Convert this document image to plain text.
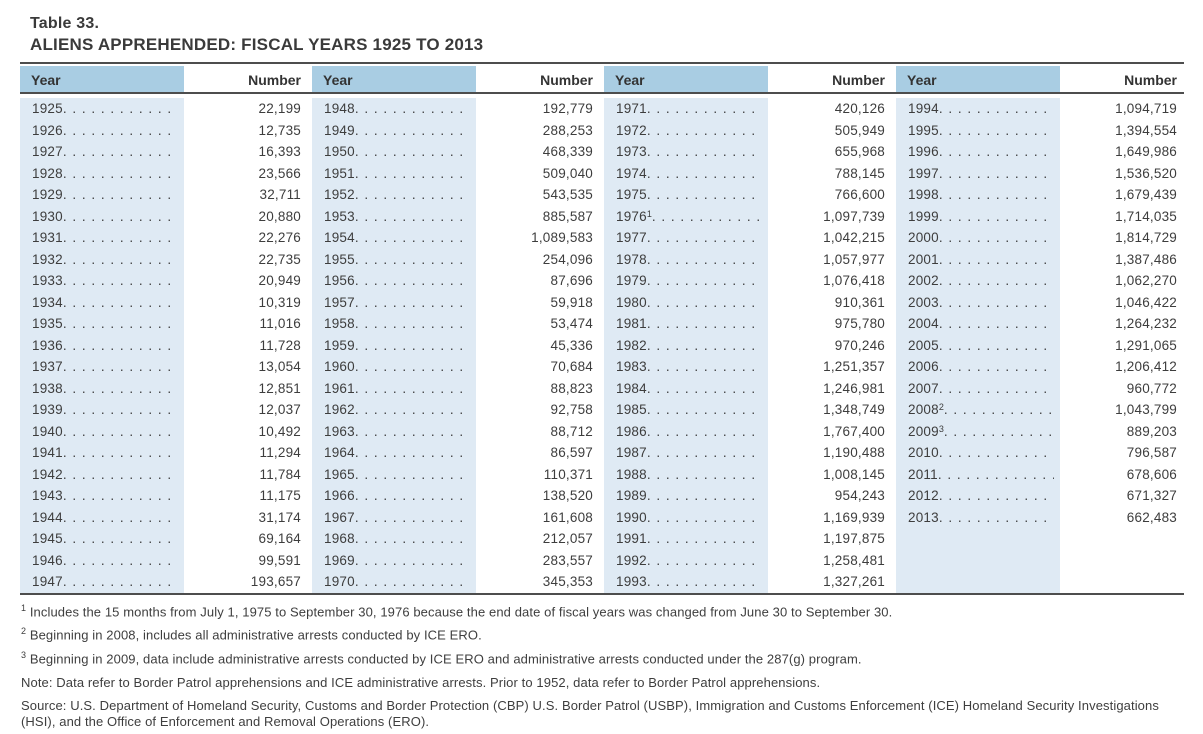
Table 33.
ALIENS APPREHENDED: FISCAL YEARS 1925 TO 2013
Year	Number
1925 . . .	22,199
1926 . . .	12,735
1927 . . .	16,393
1928 . . .	23,566
1929 . . .	32,711
1930 . . .	20,880
1931 . . .	22,276
1932 . . .	22,735
1933 . . .	20,949
1934 . . .	10,319
1935 . . .	11,016
1936 . . .	11,728
1937 . . .	13,054
1938 . . .	12,851
1939 . . .	12,037
1940 . . .	10,492
1941 . . .	11,294
1942 . . .	11,784
1943 . . .	11,175
1944 . . .	31,174
1945 . . .	69,164
1946 . . .	99,591
1947 . . .	193,657
Year	Number
1948 . . .	192,779
1949 . . .	288,253
1950 . . .	468,339
1951 . . .	509,040
1952 . . .	543,535
1953 . . .	885,587
1954 . . .	1,089,583
1955 . . .	254,096
1956 . . .	87,696
1957 . . .	59,918
1958 . . .	53,474
1959 . . .	45,336
1960 . . .	70,684
1961 . . .	88,823
1962 . . .	92,758
1963 . . .	88,712
1964 . . .	86,597
1965 . . .	110,371
1966 . . .	138,520
1967 . . .	161,608
1968 . . .	212,057
1969 . . .	283,557
1970 . . .	345,353
Year	Number
1971 . . .	420,126
1972 . . .	505,949
1973 . . .	655,968
1974 . . .	788,145
1975 . . .	766,600
1976 1 . . .	1,097,739
1977 . . .	1,042,215
1978 . . .	1,057,977
1979 . . .	1,076,418
1980 . . .	910,361
1981 . . .	975,780
1982 . . .	970,246
1983 . . .	1,251,357
1984 . . .	1,246,981
1985 . . .	1,348,749
1986 . . .	1,767,400
1987 . . .	1,190,488
1988 . . .	1,008,145
1989 . . .	954,243
1990 . . .	1,169,939
1991 . . .	1,197,875
1992 . . .	1,258,481
1993 . . .	1,327,261
Year	Number
1994 . . .	1,094,719
1995 . . .	1,394,554
1996 . . .	1,649,986
1997 . . .	1,536,520
1998 . . .	1,679,439
1999 . . .	1,714,035
2000 . . .	1,814,729
2001 . . .	1,387,486
2002 . . .	1,062,270
2003 . . .	1,046,422
2004 . . .	1,264,232
2005 . . .	1,291,065
2006 . . .	1,206,412
2007 . . .	960,772
2008 2 . . .	1,043,799
2009 3 . . .	889,203
2010 . . .	796,587
2011 . . .	678,606
2012 . . .	671,327
2013 . . .	662,483

$^1$ Includes the 15 months from July 1, 1975 to September 30, 1976 because the end date of fiscal years was changed from June 30 to September 30.

$^2$ Beginning in 2008, includes all administrative arrests conducted by ICE ERO.

$^3$ Beginning in 2009, data include administrative arrests conducted by ICE ERO and administrative arrests conducted under the 287(g) program.

Note: Data refer to Border Patrol apprehensions and ICE administrative arrests. Prior to 1952, data refer to Border Patrol apprehensions.

Source: U.S. Department of Homeland Security, Customs and Border Protection (CBP) U.S. Border Patrol (USBP), Immigration and Customs Enforcement (ICE) Homeland Security Investigations (HSI), and the Office of Enforcement and Removal Operations (ERO).
